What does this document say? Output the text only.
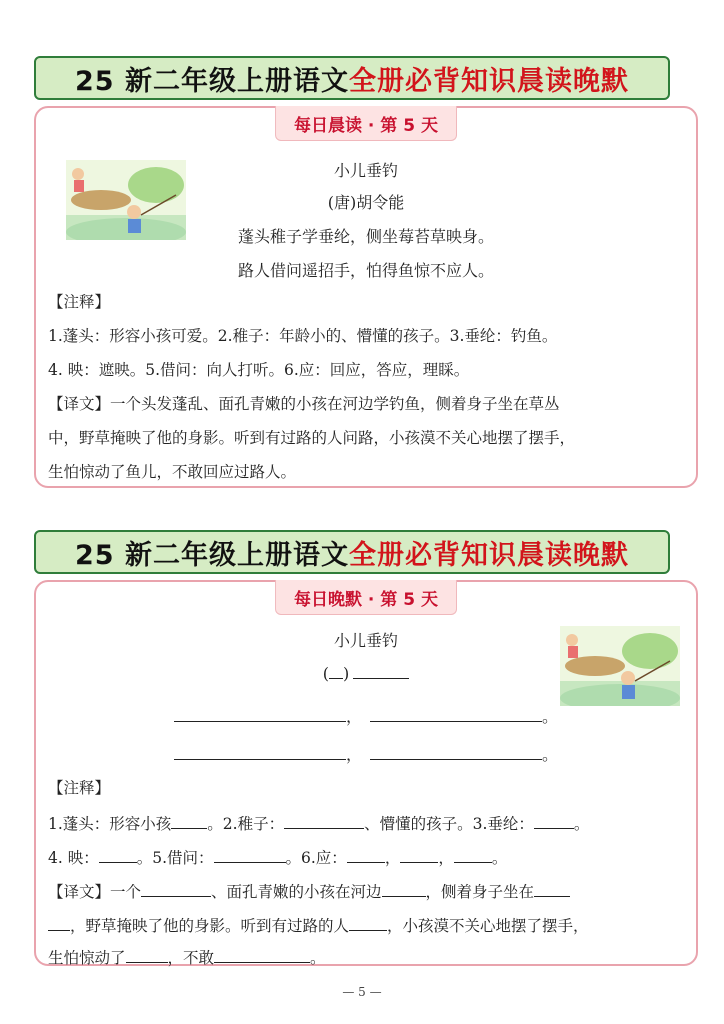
25 新二年级上册语文 全册必背知识晨读晚默
每日晨读 · 第 5 天
小儿垂钓
(唐)胡令能
蓬头稚子学垂纶，侧坐莓苔草映身。
路人借问遥招手，怕得鱼惊不应人。
【注释】
1.蓬头：形容小孩可爱。2.稚子：年龄小的、懵懂的孩子。3.垂纶：钓鱼。
4. 映：遮映。5.借问：向人打听。6.应：回应，答应，理睬。
【译文】一个头发蓬乱、面孔青嫩的小孩在河边学钓鱼，侧着身子坐在草丛
中，野草掩映了他的身影。听到有过路的人问路，小孩漠不关心地摆了摆手，
生怕惊动了鱼儿，不敢回应过路人。
25 新二年级上册语文 全册必背知识晨读晚默
每日晚默 · 第 5 天
小儿垂钓
( )
，	。
，	。
【注释】
1.蓬头：形容小孩 。2.稚子：	、懵懂的孩子。3.垂纶：	。
4. 映： 。5.借问：	。6.应： ， ， 。
【译文】一个	、面孔青嫩的小孩在河边	，侧着身子坐在
，野草掩映了他的身影。听到有过路的人 ，小孩漠不关心地摆了摆手，
生怕惊动了	，不敢	。
— 5 —
